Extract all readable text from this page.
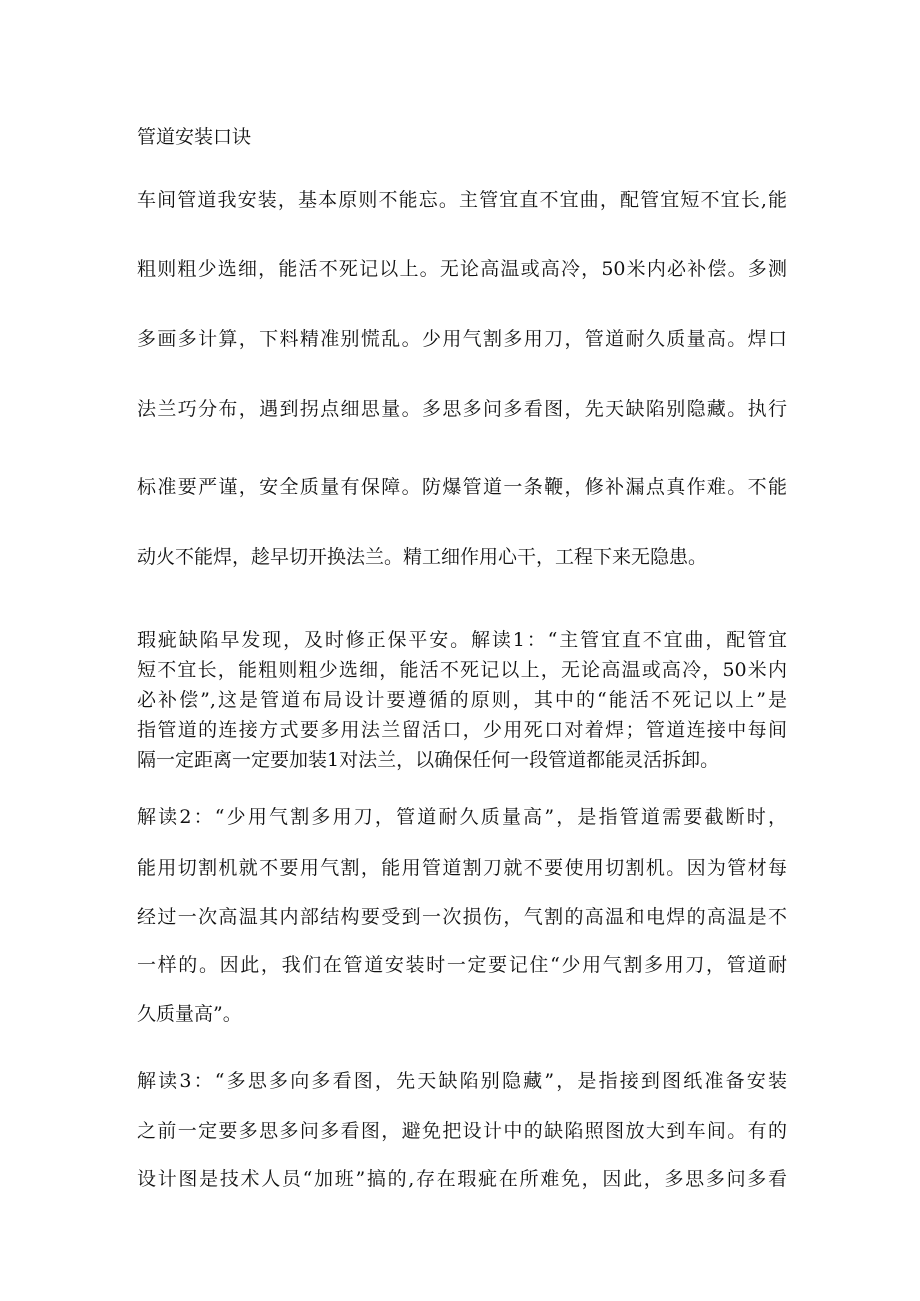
管道安装口诀

车间管道我安装，基本原则不能忘。主管宜直不宜曲，配管宜短不宜长,能

粗则粗少选细，能活不死记以上。无论高温或高冷，50米内必补偿。多测

多画多计算，下料精准别慌乱。少用气割多用刀，管道耐久质量高。焊口

法兰巧分布，遇到拐点细思量。多思多问多看图，先天缺陷别隐藏。执行

标准要严谨，安全质量有保障。防爆管道一条鞭，修补漏点真作难。不能

动火不能焊，趁早切开换法兰。精工细作用心干，工程下来无隐患。

瑕疵缺陷早发现，及时修正保平安。解读1：“主管宜直不宜曲，配管宜

短不宜长，能粗则粗少选细，能活不死记以上，无论高温或高冷，50米内

必补偿”,这是管道布局设计要遵循的原则，其中的“能活不死记以上”是

指管道的连接方式要多用法兰留活口，少用死口对着焊；管道连接中每间

隔一定距离一定要加装1对法兰，以确保任何一段管道都能灵活拆卸。

解读2：“少用气割多用刀，管道耐久质量高”，是指管道需要截断时，

能用切割机就不要用气割，能用管道割刀就不要使用切割机。因为管材每

经过一次高温其内部结构要受到一次损伤，气割的高温和电焊的高温是不

一样的。因此，我们在管道安装时一定要记住“少用气割多用刀，管道耐

久质量高”。

解读3：“多思多向多看图，先天缺陷别隐藏”，是指接到图纸准备安装

之前一定要多思多问多看图，避免把设计中的缺陷照图放大到车间。有的

设计图是技术人员“加班”搞的,存在瑕疵在所难免，因此，多思多问多看
